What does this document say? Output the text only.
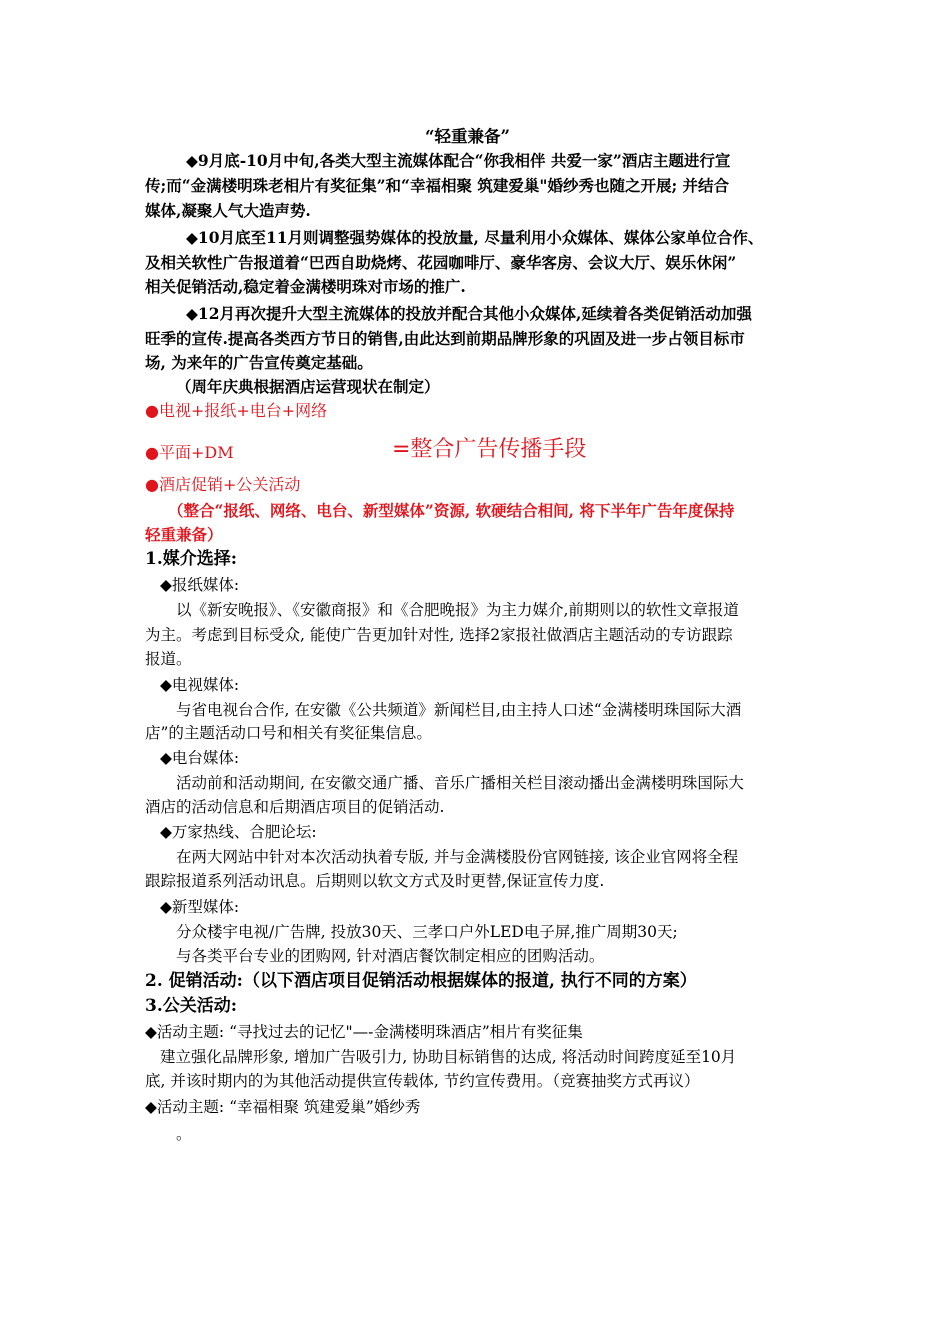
“轻重兼备”
◆9月底-10月中旬,各类大型主流媒体配合“你我相伴 共爱一家”酒店主题进行宣
传;而“金满楼明珠老相片有奖征集”和“幸福相聚 筑建爱巢"婚纱秀也随之开展; 并结合
媒体,凝聚人气大造声势.
◆10月底至11月则调整强势媒体的投放量, 尽量利用小众媒体、媒体公家单位合作、
及相关软性广告报道着“巴西自助烧烤、花园咖啡厅、豪华客房、会议大厅、娱乐休闲”
相关促销活动,稳定着金满楼明珠对市场的推广.
◆12月再次提升大型主流媒体的投放并配合其他小众媒体,延续着各类促销活动加强
旺季的宣传.提高各类西方节日的销售,由此达到前期品牌形象的巩固及进一步占领目标市
场, 为来年的广告宣传奠定基础。
（周年庆典根据酒店运营现状在制定）
●电视+报纸+电台+网络
●平面+DM	=整合广告传播手段
●酒店促销+公关活动
（整合“报纸、网络、电台、新型媒体”资源, 软硬结合相间, 将下半年广告年度保持
轻重兼备）
1.媒介选择:
◆报纸媒体:
以《新安晚报》、《安徽商报》和《合肥晚报》为主力媒介,前期则以的软性文章报道
为主。考虑到目标受众, 能使广告更加针对性, 选择2家报社做酒店主题活动的专访跟踪
报道。
◆电视媒体:
与省电视台合作, 在安徽《公共频道》新闻栏目,由主持人口述“金满楼明珠国际大酒
店”的主题活动口号和相关有奖征集信息。
◆电台媒体:
活动前和活动期间, 在安徽交通广播、音乐广播相关栏目滚动播出金满楼明珠国际大
酒店的活动信息和后期酒店项目的促销活动.
◆万家热线、合肥论坛:
在两大网站中针对本次活动执着专版, 并与金满楼股份官网链接, 该企业官网将全程
跟踪报道系列活动讯息。后期则以软文方式及时更替,保证宣传力度.
◆新型媒体:
分众楼宇电视/广告牌, 投放30天、三孝口户外LED电子屏,推广周期30天;
与各类平台专业的团购网, 针对酒店餐饮制定相应的团购活动。
2. 促销活动:（以下酒店项目促销活动根据媒体的报道, 执行不同的方案）
3.公关活动:
◆活动主题: “寻找过去的记忆"—-金满楼明珠酒店”相片有奖征集
建立强化品牌形象, 增加广告吸引力, 协助目标销售的达成, 将活动时间跨度延至10月
底, 并该时期内的为其他活动提供宣传载体, 节约宣传费用。（竞赛抽奖方式再议）
◆活动主题: “幸福相聚 筑建爱巢”婚纱秀
。
